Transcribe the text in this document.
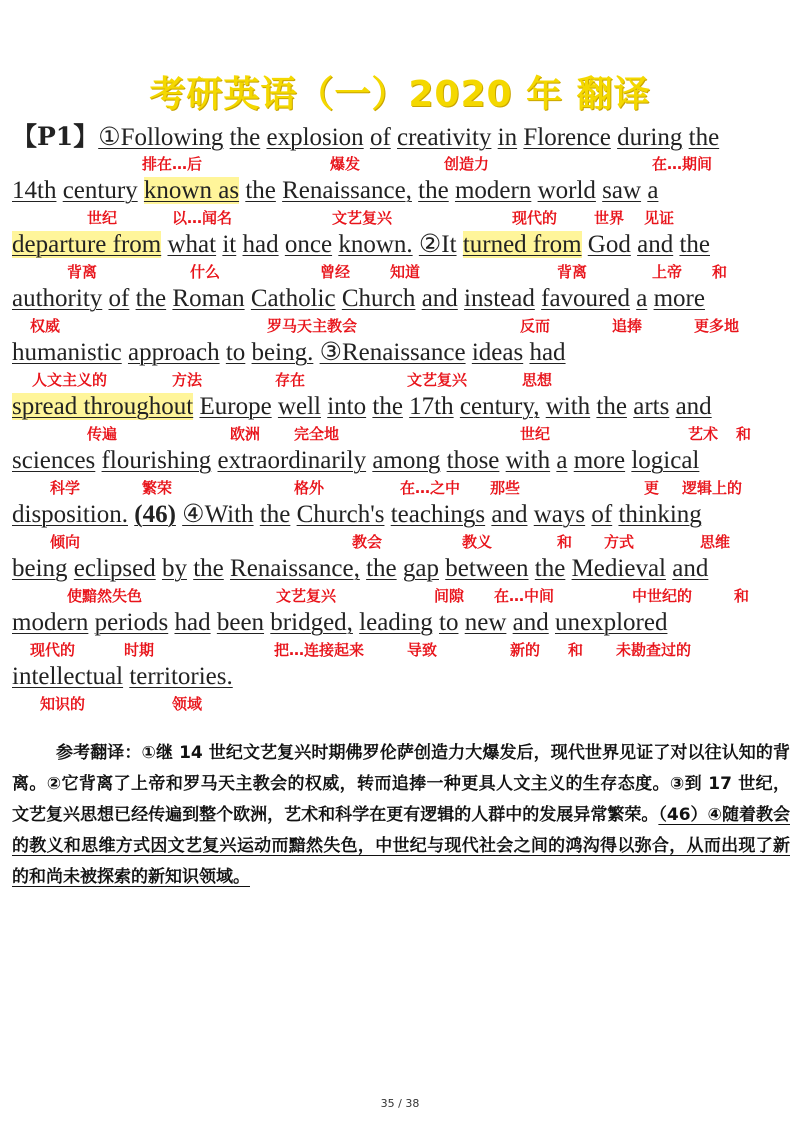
考研英语（一）2020 年 翻译
【P1】①Following the explosion of creativity in Florence during the
排在…后	爆发	创造力	在…期间
14th century known as the Renaissance, the modern world saw a
世纪	以…闻名	文艺复兴	现代的 世界 见证
departure from what it had once known. ②It turned from God and the
背离	什么	曾经	知道	背离	上帝 和
authority of the Roman Catholic Church and instead favoured a more
权威	罗马天主教会	反而	追捧	更多地
humanistic approach to being. ③Renaissance ideas had
人文主义的	方法	存在	文艺复兴	思想
spread throughout Europe well into the 17th century, with the arts and
传遍	欧洲 完全地	世纪	艺术 和
sciences flourishing extraordinarily among those with a more logical
科学	繁荣	格外	在…之中 那些	更 逻辑上的
disposition. (46) ④With the Church's teachings and ways of thinking
倾向	教会	教义	和 方式	思维
being eclipsed by the Renaissance, the gap between the Medieval and
使黯然失色	文艺复兴	间隙 在…中间	中世纪的	和
modern periods had been bridged, leading to new and unexplored
现代的	时期	把…连接起来	导致	新的 和 未勘查过的
intellectual territories.
知识的	领域
参考翻译：①继 14 世纪文艺复兴时期佛罗伦萨创造力大爆发后，现代世界见证了对以往认知的背离。②它背离了上帝和罗马天主教会的权威，转而追捧一种更具人文主义的生存态度。③到 17 世纪，文艺复兴思想已经传遍到整个欧洲，艺术和科学在更有逻辑的人群中的发展异常繁荣。（46）④随着教会的教义和思维方式因文艺复兴运动而黯然失色，中世纪与现代社会之间的鸿沟得以弥合，从而出现了新的和尚未被探索的新知识领域。
35 / 38
